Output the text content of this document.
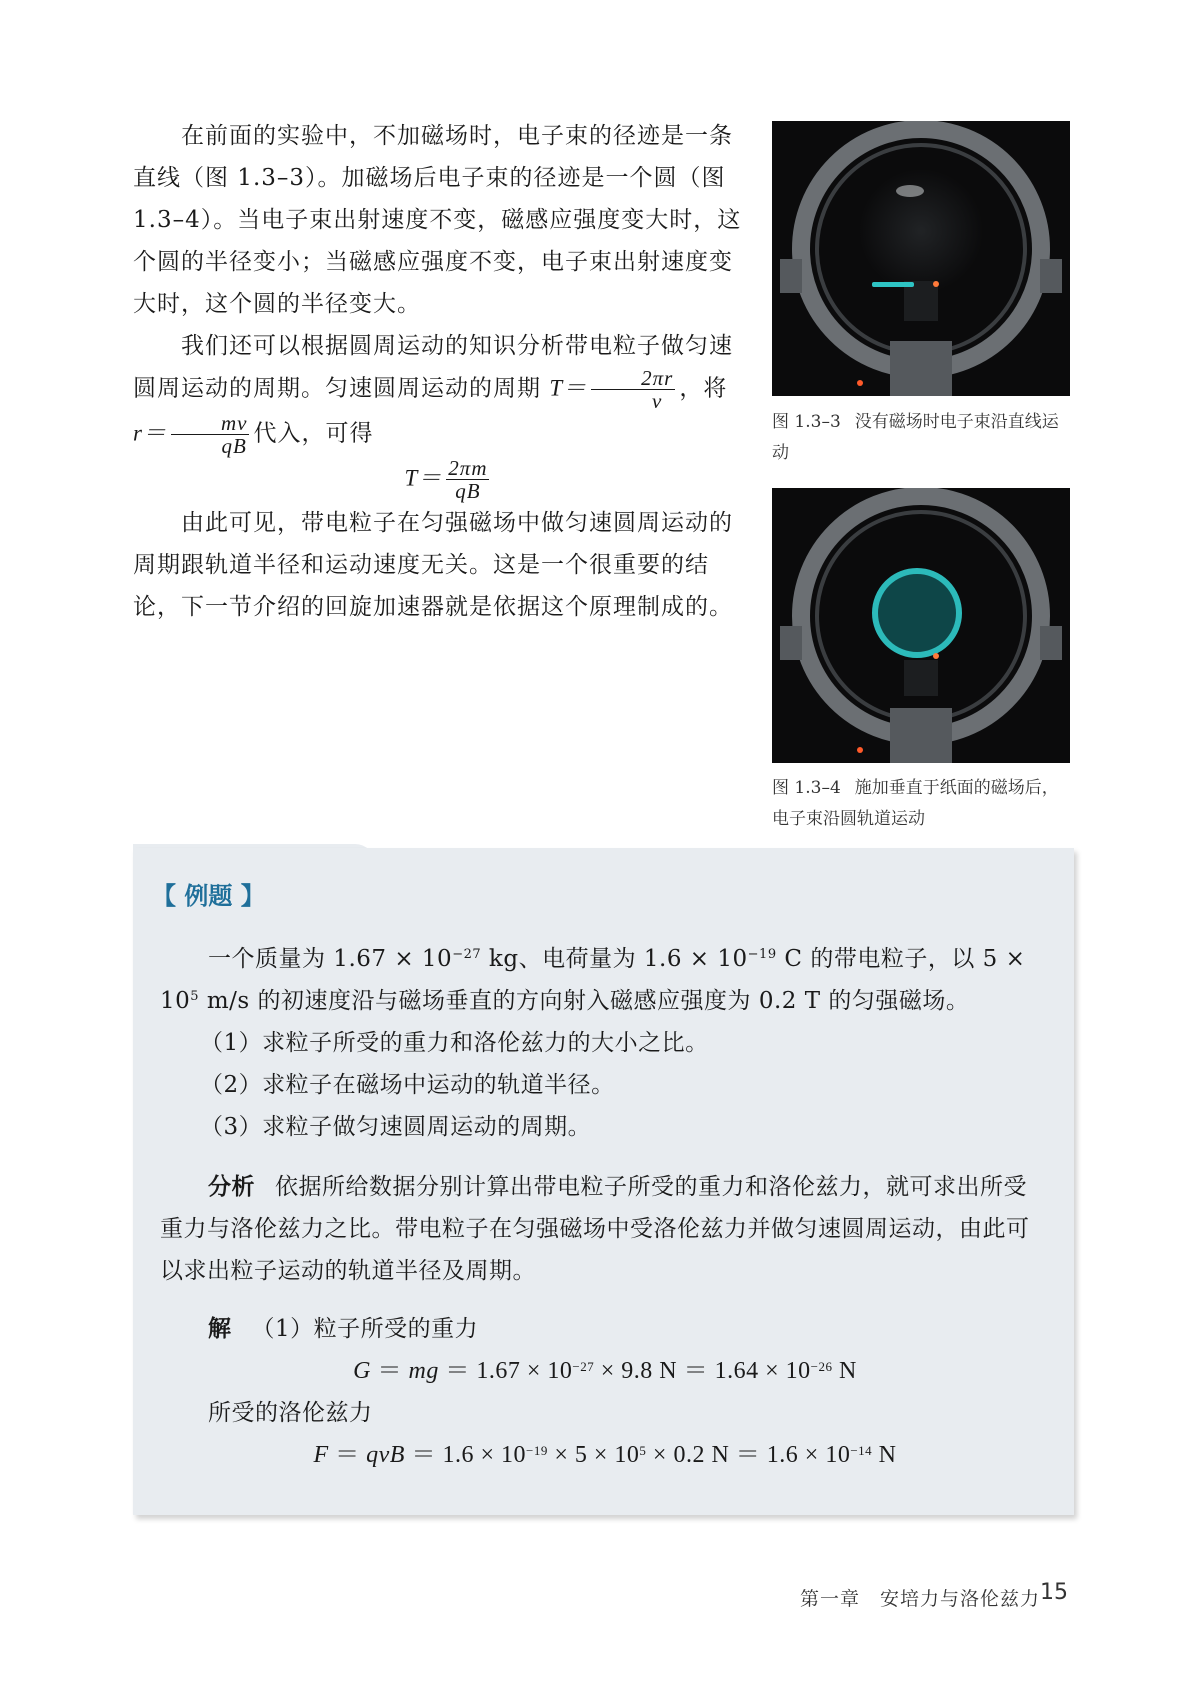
在前面的实验中，不加磁场时，电子束的径迹是一条直线（图 1.3–3）。加磁场后电子束的径迹是一个圆（图 1.3–4）。当电子束出射速度不变，磁感应强度变大时，这个圆的半径变小；当磁感应强度不变，电子束出射速度变大时，这个圆的半径变大。

我们还可以根据圆周运动的知识分析带电粒子做匀速圆周运动的周期。匀速圆周运动的周期 $T= \frac{2\pi r}{v}$ ，将 $r= \frac{mv}{qB}$ 代入，可得

$T= \frac{2\pi m}{qB}$

由此可见，带电粒子在匀强磁场中做匀速圆周运动的周期跟轨道半径和运动速度无关。这是一个很重要的结论，下一节介绍的回旋加速器就是依据这个原理制成的。

图 1.3–3 没有磁场时电子束沿直线运动
图 1.3–4 施加垂直于纸面的磁场后，电子束沿圆轨道运动
【 例题 】

一个质量为 $1.67 \times 10^{-27}$ kg、电荷量为 $1.6 \times 10^{-19}$ C 的带电粒子，以 $5 \times 10^5$ m/s 的初速度沿与磁场垂直的方向射入磁感应强度为 0.2 T 的匀强磁场。

（1）求粒子所受的重力和洛伦兹力的大小之比。

（2）求粒子在磁场中运动的轨道半径。

（3）求粒子做匀速圆周运动的周期。

分析 依据所给数据分别计算出带电粒子所受的重力和洛伦兹力，就可求出所受重力与洛伦兹力之比。带电粒子在匀强磁场中受洛伦兹力并做匀速圆周运动，由此可以求出粒子运动的轨道半径及周期。

解 （1）粒子所受的重力

G ＝ mg ＝ $1.67 \times 10^{-27} \times 9.8$ $N = 1.64 \times 10^{-26}$ N

所受的洛伦兹力

F ＝ qvB ＝ $1.6 \times 10^{-19} \times 5 \times 10^5 \times 0.2$ $N = 1.6 \times 10^{-14}$ N

第一章　安培力与洛伦兹力 15
